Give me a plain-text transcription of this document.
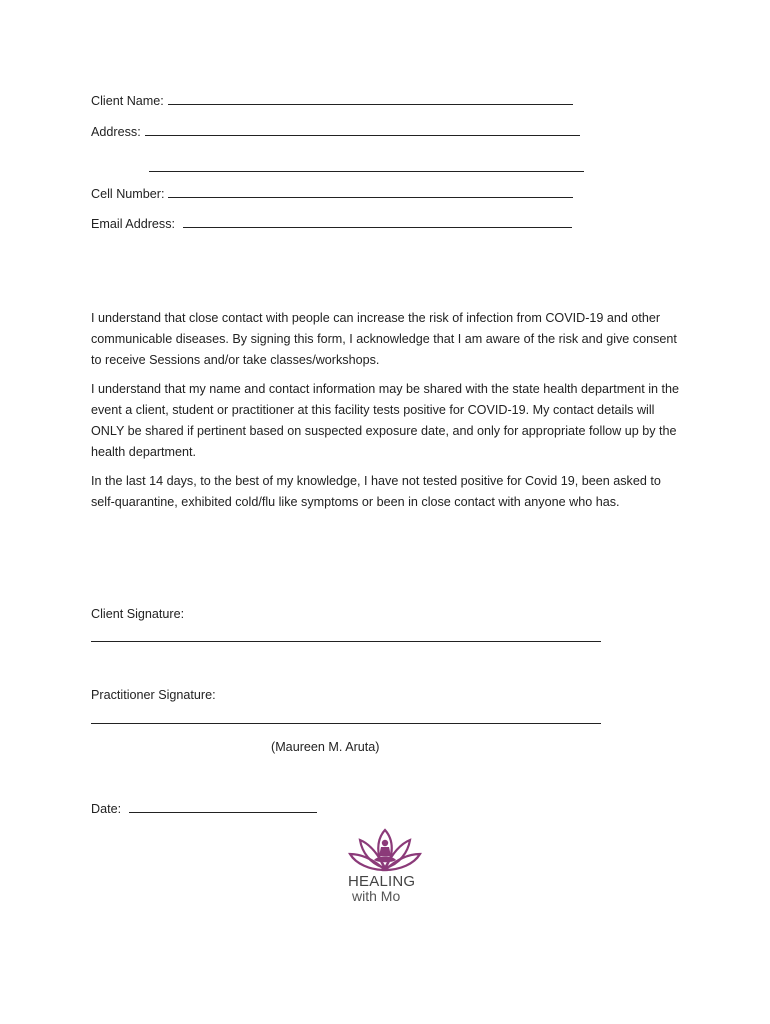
Client Name:
Address:
Cell Number:
Email Address:
I understand that close contact with people can increase the risk of infection from COVID-19 and other communicable diseases. By signing this form, I acknowledge that I am aware of the risk and give consent to receive Sessions and/or take classes/workshops.
I understand that my name and contact information may be shared with the state health department in the event a client, student or practitioner at this facility tests positive for COVID-19. My contact details will ONLY be shared if pertinent based on suspected exposure date, and only for appropriate follow up by the health department.
In the last 14 days, to the best of my knowledge, I have not tested positive for Covid 19, been asked to self-quarantine, exhibited cold/flu like symptoms or been in close contact with anyone who has.
Client Signature:
Practitioner Signature:
(Maureen M. Aruta)
Date:
HEALING
with Mo
